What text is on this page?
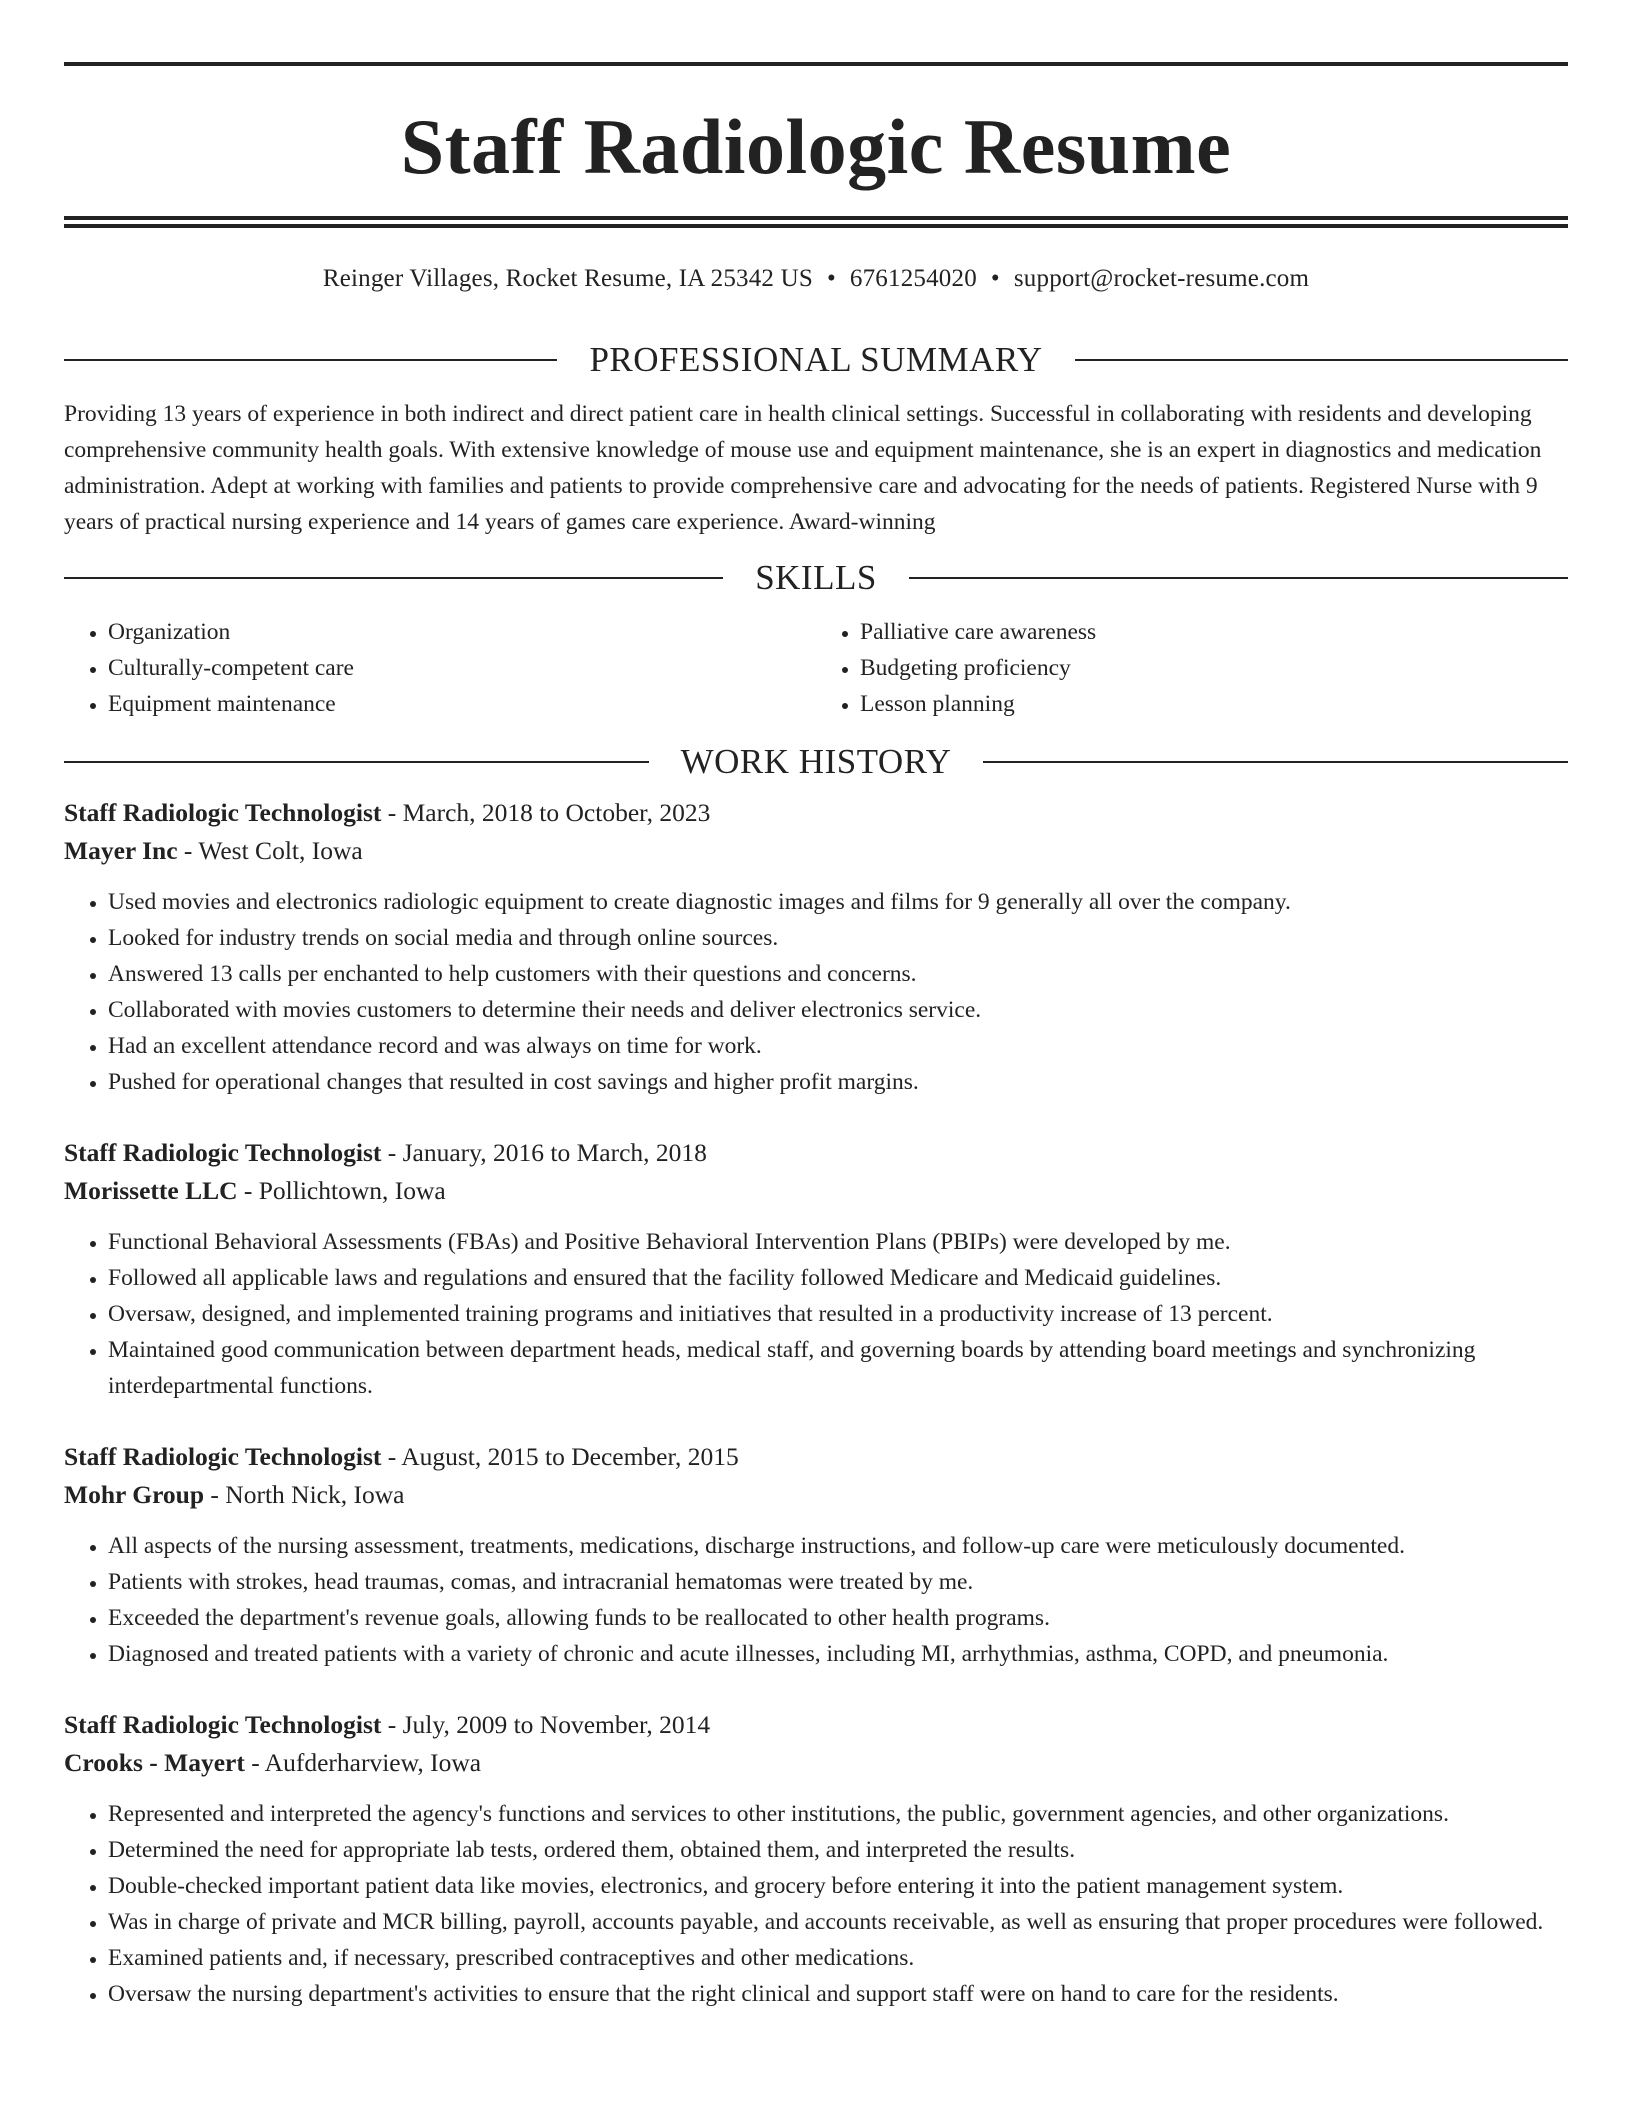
Staff Radiologic Resume
Reinger Villages, Rocket Resume, IA 25342 US • 6761254020 • support@rocket-resume.com
PROFESSIONAL SUMMARY

Providing 13 years of experience in both indirect and direct patient care in health clinical settings. Successful in collaborating with residents and developing comprehensive community health goals. With extensive knowledge of mouse use and equipment maintenance, she is an expert in diagnostics and medication administration. Adept at working with families and patients to provide comprehensive care and advocating for the needs of patients. Registered Nurse with 9 years of practical nursing experience and 14 years of games care experience. Award-winning

SKILLS
• Organization
• Culturally-competent care
• Equipment maintenance
• Palliative care awareness
• Budgeting proficiency
• Lesson planning
WORK HISTORY
Staff Radiologic Technologist - March, 2018 to October, 2023
Mayer Inc - West Colt, Iowa
• Used movies and electronics radiologic equipment to create diagnostic images and films for 9 generally all over the company.
• Looked for industry trends on social media and through online sources.
• Answered 13 calls per enchanted to help customers with their questions and concerns.
• Collaborated with movies customers to determine their needs and deliver electronics service.
• Had an excellent attendance record and was always on time for work.
• Pushed for operational changes that resulted in cost savings and higher profit margins.
Staff Radiologic Technologist - January, 2016 to March, 2018
Morissette LLC - Pollichtown, Iowa
• Functional Behavioral Assessments (FBAs) and Positive Behavioral Intervention Plans (PBIPs) were developed by me.
• Followed all applicable laws and regulations and ensured that the facility followed Medicare and Medicaid guidelines.
• Oversaw, designed, and implemented training programs and initiatives that resulted in a productivity increase of 13 percent.
• Maintained good communication between department heads, medical staff, and governing boards by attending board meetings and synchronizing interdepartmental functions.
Staff Radiologic Technologist - August, 2015 to December, 2015
Mohr Group - North Nick, Iowa
• All aspects of the nursing assessment, treatments, medications, discharge instructions, and follow-up care were meticulously documented.
• Patients with strokes, head traumas, comas, and intracranial hematomas were treated by me.
• Exceeded the department's revenue goals, allowing funds to be reallocated to other health programs.
• Diagnosed and treated patients with a variety of chronic and acute illnesses, including MI, arrhythmias, asthma, COPD, and pneumonia.
Staff Radiologic Technologist - July, 2009 to November, 2014
Crooks - Mayert - Aufderharview, Iowa
• Represented and interpreted the agency's functions and services to other institutions, the public, government agencies, and other organizations.
• Determined the need for appropriate lab tests, ordered them, obtained them, and interpreted the results.
• Double-checked important patient data like movies, electronics, and grocery before entering it into the patient management system.
• Was in charge of private and MCR billing, payroll, accounts payable, and accounts receivable, as well as ensuring that proper procedures were followed.
• Examined patients and, if necessary, prescribed contraceptives and other medications.
• Oversaw the nursing department's activities to ensure that the right clinical and support staff were on hand to care for the residents.
